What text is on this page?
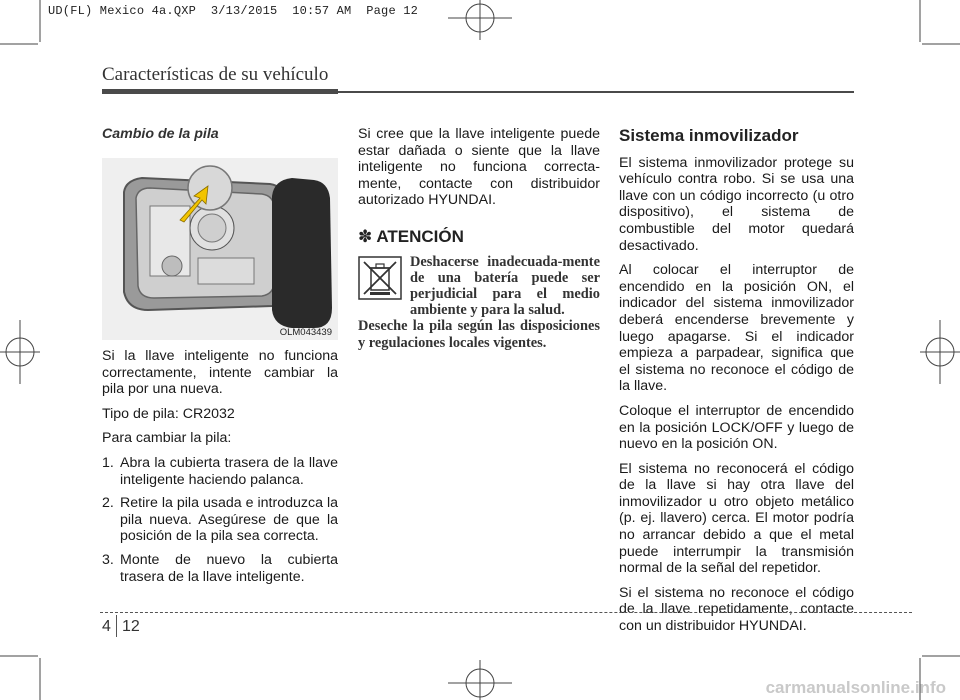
UD(FL) Mexico 4a.QXP  3/13/2015  10:57 AM  Page 12
Características de su vehículo
Cambio de la pila
OLM043439

Si la llave inteligente no funciona correctamente, intente cambiar la pila por una nueva.

Tipo de pila: CR2032

Para cambiar la pila:

1. Abra la cubierta trasera de la llave inteligente haciendo palanca.
2. Retire la pila usada e introduzca la pila nueva. Asegúrese de que la posición de la pila sea correcta.
3. Monte de nuevo la cubierta trasera de la llave inteligente.

Si cree que la llave inteligente puede estar dañada o siente que la llave inteligente no funciona correcta-mente, contacte con distribuidor autorizado HYUNDAI.

✽ ATENCIÓN
Deshacerse inadecuada-mente de una batería puede ser perjudicial para el medio ambiente y para la salud.
Deseche la pila según las disposiciones y regulaciones locales vigentes.
Sistema inmovilizador

El sistema inmovilizador protege su vehículo contra robo. Si se usa una llave con un código incorrecto (u otro dispositivo), el sistema de combustible del motor quedará desactivado.

Al colocar el interruptor de encendido en la posición ON, el indicador del sistema inmovilizador deberá encenderse brevemente y luego apagarse. Si el indicador empieza a parpadear, significa que el sistema no reconoce el código de la llave.

Coloque el interruptor de encendido en la posición LOCK/OFF y luego de nuevo en la posición ON.

El sistema no reconocerá el código de la llave si hay otra llave del inmovilizador u otro objeto metálico (p. ej. llavero) cerca. El motor podría no arrancar debido a que el metal puede interrumpir la transmisión normal de la señal del repetidor.

Si el sistema no reconoce el código de la llave repetidamente, contacte con un distribuidor HYUNDAI.

4 12
carmanualsonline.info
